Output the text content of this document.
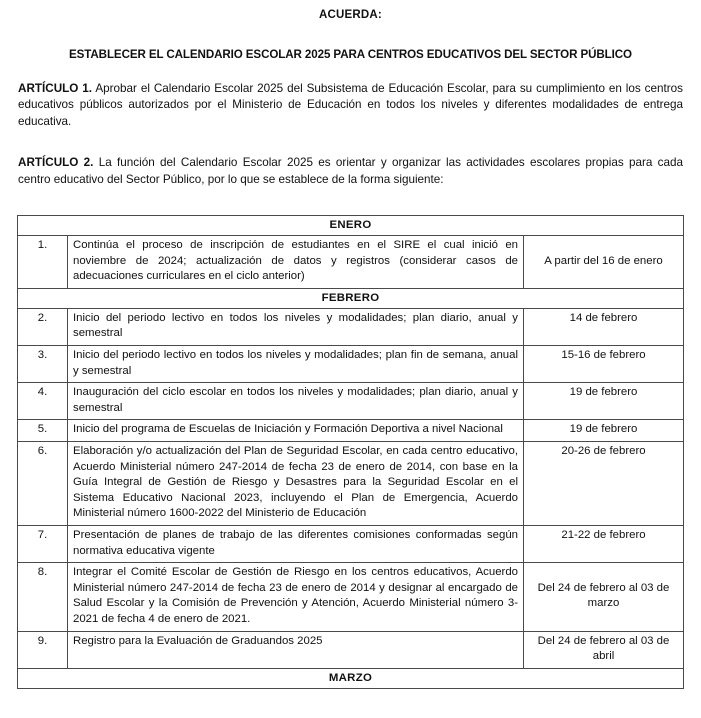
ACUERDA:
ESTABLECER EL CALENDARIO ESCOLAR 2025 PARA CENTROS EDUCATIVOS DEL SECTOR PÚBLICO

ARTÍCULO 1. Aprobar el Calendario Escolar 2025 del Subsistema de Educación Escolar, para su cumplimiento en los centros educativos públicos autorizados por el Ministerio de Educación en todos los niveles y diferentes modalidades de entrega educativa.

ARTÍCULO 2. La función del Calendario Escolar 2025 es orientar y organizar las actividades escolares propias para cada centro educativo del Sector Público, por lo que se establece de la forma siguiente:

ENERO		
1.	Continúa el proceso de inscripción de estudiantes en el SIRE el cual inició en noviembre de 2024; actualización de datos y registros (considerar casos de adecuaciones curriculares en el ciclo anterior)	A partir del 16 de enero
FEBRERO		
2.	Inicio del periodo lectivo en todos los niveles y modalidades; plan diario, anual y semestral	14 de febrero
3.	Inicio del periodo lectivo en todos los niveles y modalidades; plan fin de semana, anual y semestral	15-16 de febrero
4.	Inauguración del ciclo escolar en todos los niveles y modalidades; plan diario, anual y semestral	19 de febrero
5.	Inicio del programa de Escuelas de Iniciación y Formación Deportiva a nivel Nacional	19 de febrero
6.	Elaboración y/o actualización del Plan de Seguridad Escolar, en cada centro educativo, Acuerdo Ministerial número 247-2014 de fecha 23 de enero de 2014, con base en la Guía Integral de Gestión de Riesgo y Desastres para la Seguridad Escolar en el Sistema Educativo Nacional 2023, incluyendo el Plan de Emergencia, Acuerdo Ministerial número 1600-2022 del Ministerio de Educación	20-26 de febrero
7.	Presentación de planes de trabajo de las diferentes comisiones conformadas según normativa educativa vigente	21-22 de febrero
8.	Integrar el Comité Escolar de Gestión de Riesgo en los centros educativos, Acuerdo Ministerial número 247-2014 de fecha 23 de enero de 2014 y designar al encargado de Salud Escolar y la Comisión de Prevención y Atención, Acuerdo Ministerial número 3-2021 de fecha 4 de enero de 2021.	Del 24 de febrero al 03 de marzo
9.	Registro para la Evaluación de Graduandos 2025	Del 24 de febrero al 03 de abril
MARZO		
